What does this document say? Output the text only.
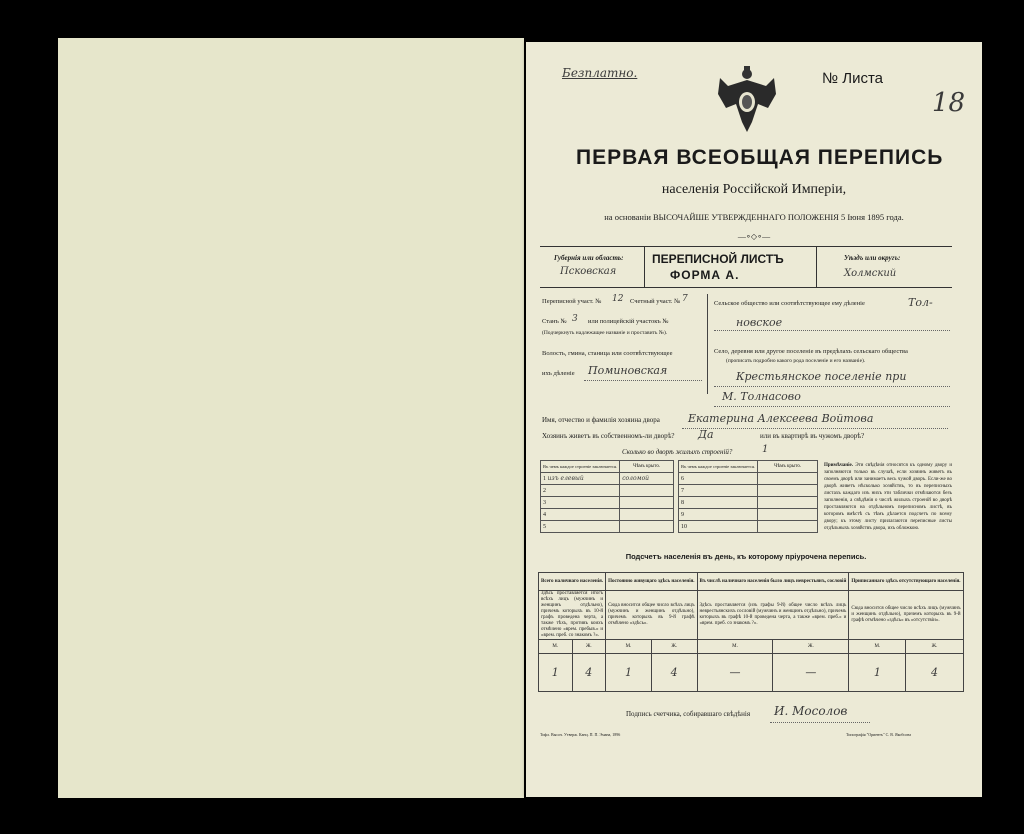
Безплатно.	№ Листа
18
ПЕРВАЯ ВСЕОБЩАЯ ПЕРЕПИСЬ
населенія Россійской Имперіи,
на основаніи ВЫСОЧАЙШЕ УТВЕРЖДЕННАГО ПОЛОЖЕНІЯ 5 Іюня 1895 года.
—∘◇∘—
Губернія или область:
Псковская
ПЕРЕПИСНОЙ ЛИСТЪ
ФОРМА А.
Уѣздъ или округъ:
Холмский
Переписной участ. № 12 Счетный участ. № 7
Станъ № 3 или полицейскій участокъ №
(Подчеркнуть надлежащее названіе и проставить №).
Волость, гмина, станица или соотвѣтствующее
ихъ дѣленіе Поминовская
Сельское общество или соотвѣтствующее ему дѣленіе	Тол-
новское
Село, деревня или другое поселеніе въ предѣлахъ сельскаго общества
(прописать подробно какого рода поселеніе и его названіе).
Крестьянское поселеніе при
М. Толнасово
Имя, отчество и фамилія хозяина двора	Екатерина Алексеева Войтова
Хозяинъ живетъ въ собственномъ-ли дворѣ? Да	или въ квартирѣ въ чужомъ дворѣ?
Сколько во дворѣ жилыхъ строеній?	1
Въ чемъ каждое строеніе заключается.	Чѣмъ крыто.
1 изъ елевый	соломой
2	
3	
4	
5	
Въ чемъ каждое строеніе заключается.	Чѣмъ крыто.
6	
7	
8	
9	
10	
Примѣчаніе. Эти свѣдѣнія относятся къ одному двору и заполняются только въ случаѣ, если хозяинъ живетъ въ своемъ дворѣ или занимаетъ весь чужой дворъ. Если-же во дворѣ живетъ нѣсколько хозяйствъ, то въ переписныхъ листахъ каждаго изъ нихъ эти таблички отмѣчаются безъ заполненія, а свѣдѣнія о числѣ жилыхъ строеній во дворѣ проставляются на отдѣльномъ переписномъ листѣ, въ которомъ вмѣстѣ съ тѣмъ дѣлается подсчетъ по всему двору; къ этому листу прилагаются переписные листы отдѣльныхъ хозяйствъ двора, ихъ обложкою.
Подсчетъ населенія въ день, къ которому пріурочена перепись.
Всего наличнаго населенія.		Постоянно живущаго здѣсь населенія.		Въ числѣ наличнаго населенія было лицъ неврестьянъ, сословій		Приписаннаго здѣсь отсутствующаго населенія.	
Здѣсь проставляется итогъ всѣхъ лицъ (мужчинъ и женщинъ отдѣльно), причемъ которыхъ въ 10-й графъ проведена черта, а также тѣхъ, противъ коихъ отмѣчено «врем. пребыв.» и «врем. преб. со знакомъ ?».		Сюда вносится общее число всѣхъ лицъ (мужчинъ и женщинъ отдѣльно), причемъ которыхъ въ 9-й графѣ отмѣчено «здѣсь».		Здѣсь проставляется (изъ графы 9-й) общее число всѣхъ лицъ неврестьянскихъ сословій (мужчинъ и женщинъ отдѣльно), причемъ которыхъ въ графѣ 10-й проведена черта, а также «врем. преб.» и «врем. преб. со знакомъ ?».		Сюда вносится общее число всѣхъ лицъ (мужчинъ и женщинъ отдѣльно), причемъ которыхъ въ 9-й графѣ отмѣчено «здѣсь» въ «отсутствіи».	
М.	Ж.	М.	Ж.	М.	Ж.	М.	Ж.
1	4	1	4	—	—	1	4
Подпись счетчика, собиравшаго свѣдѣнія И. Мосолов
Тифл. Высоч. Утверж. Канц. П. П. Эмана, 1896	Типографія "Ориентъ" С. В. Якобсона
